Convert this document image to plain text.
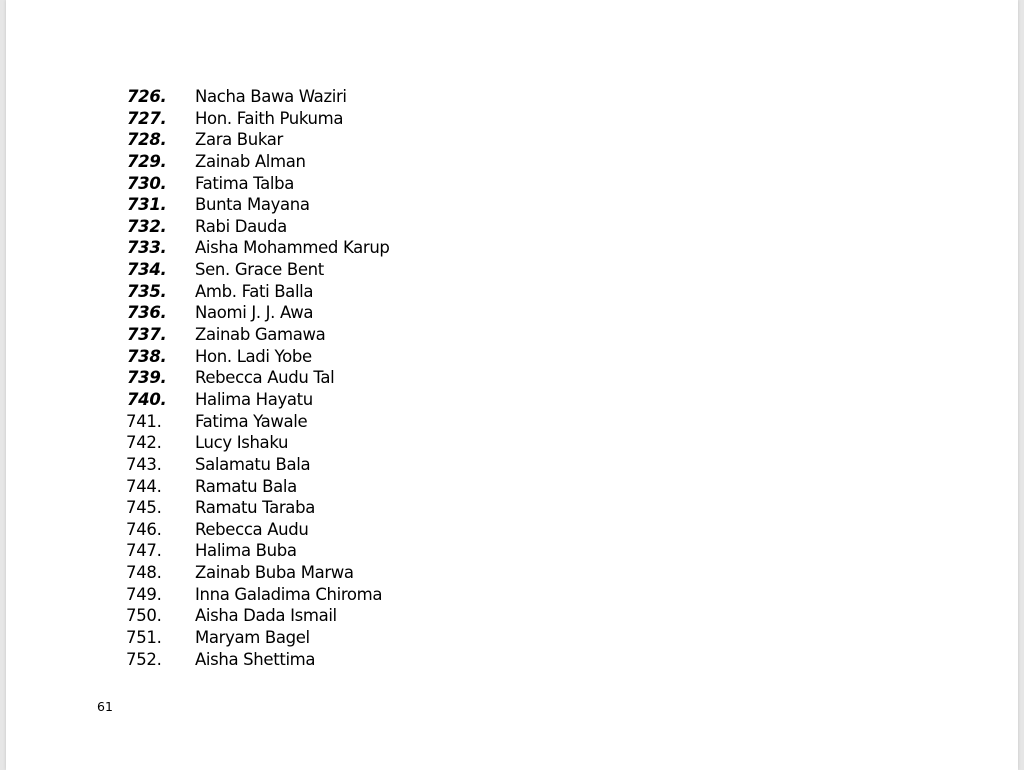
726.	Nacha Bawa Waziri
727.	Hon. Faith Pukuma
728.	Zara Bukar
729.	Zainab Alman
730.	Fatima Talba
731.	Bunta Mayana
732.	Rabi Dauda
733.	Aisha Mohammed Karup
734.	Sen. Grace Bent
735.	Amb. Fati Balla
736.	Naomi J. J. Awa
737.	Zainab Gamawa
738.	Hon. Ladi Yobe
739.	Rebecca Audu Tal
740.	Halima Hayatu
741.	Fatima Yawale
742.	Lucy Ishaku
743.	Salamatu Bala
744.	Ramatu Bala
745.	Ramatu Taraba
746.	Rebecca Audu
747.	Halima Buba
748.	Zainab Buba Marwa
749.	Inna Galadima Chiroma
750.	Aisha Dada Ismail
751.	Maryam Bagel
752.	Aisha Shettima
61
